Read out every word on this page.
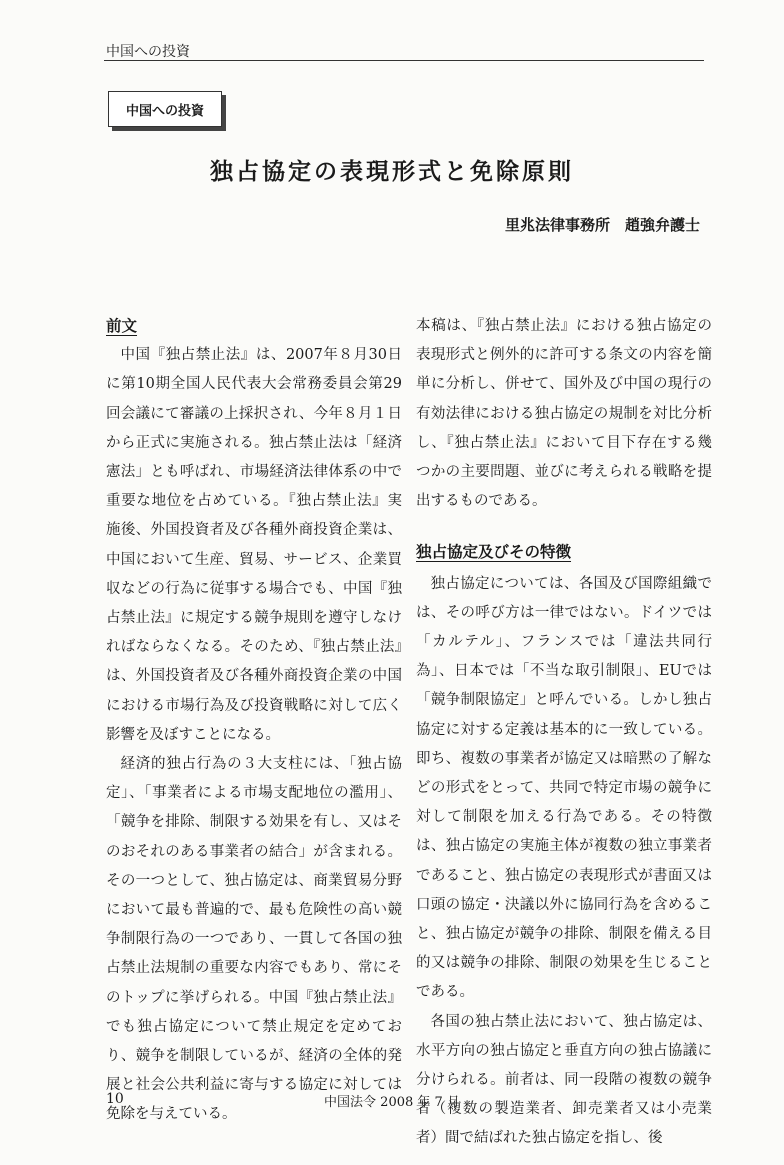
中国への投資
中国への投資
独占協定の表現形式と免除原則
里兆法律事務所　趙強弁護士
前文

中国『独占禁止法』は、2007年８月30日に第10期全国人民代表大会常務委員会第29回会議にて審議の上採択され、今年８月１日から正式に実施される。独占禁止法は「経済憲法」とも呼ばれ、市場経済法律体系の中で重要な地位を占めている。『独占禁止法』実施後、外国投資者及び各種外商投資企業は、中国において生産、貿易、サービス、企業買収などの行為に従事する場合でも、中国『独占禁止法』に規定する競争規則を遵守しなければならなくなる。そのため、『独占禁止法』は、外国投資者及び各種外商投資企業の中国における市場行為及び投資戦略に対して広く影響を及ぼすことになる。

経済的独占行為の３大支柱には、「独占協定」、「事業者による市場支配地位の濫用」、「競争を排除、制限する効果を有し、又はそのおそれのある事業者の結合」が含まれる。その一つとして、独占協定は、商業貿易分野において最も普遍的で、最も危険性の高い競争制限行為の一つであり、一貫して各国の独占禁止法規制の重要な内容でもあり、常にそのトップに挙げられる。中国『独占禁止法』でも独占協定について禁止規定を定めており、競争を制限しているが、経済の全体的発展と社会公共利益に寄与する協定に対しては免除を与えている。

本稿は、『独占禁止法』における独占協定の表現形式と例外的に許可する条文の内容を簡単に分析し、併せて、国外及び中国の現行の有効法律における独占協定の規制を対比分析し、『独占禁止法』において目下存在する幾つかの主要問題、並びに考えられる戦略を提出するものである。

独占協定及びその特徴

独占協定については、各国及び国際組織では、その呼び方は一律ではない。ドイツでは「カルテル」、フランスでは「違法共同行為」、日本では「不当な取引制限」、EUでは「競争制限協定」と呼んでいる。しかし独占協定に対する定義は基本的に一致している。即ち、複数の事業者が協定又は暗黙の了解などの形式をとって、共同で特定市場の競争に対して制限を加える行為である。その特徴は、独占協定の実施主体が複数の独立事業者であること、独占協定の表現形式が書面又は口頭の協定・決議以外に協同行為を含めること、独占協定が競争の排除、制限を備える目的又は競争の排除、制限の効果を生じることである。

各国の独占禁止法において、独占協定は、水平方向の独占協定と垂直方向の独占協議に分けられる。前者は、同一段階の複数の競争者（複数の製造業者、卸売業者又は小売業者）間で結ばれた独占協定を指し、後

10	中国法令 2008 年 7 月
